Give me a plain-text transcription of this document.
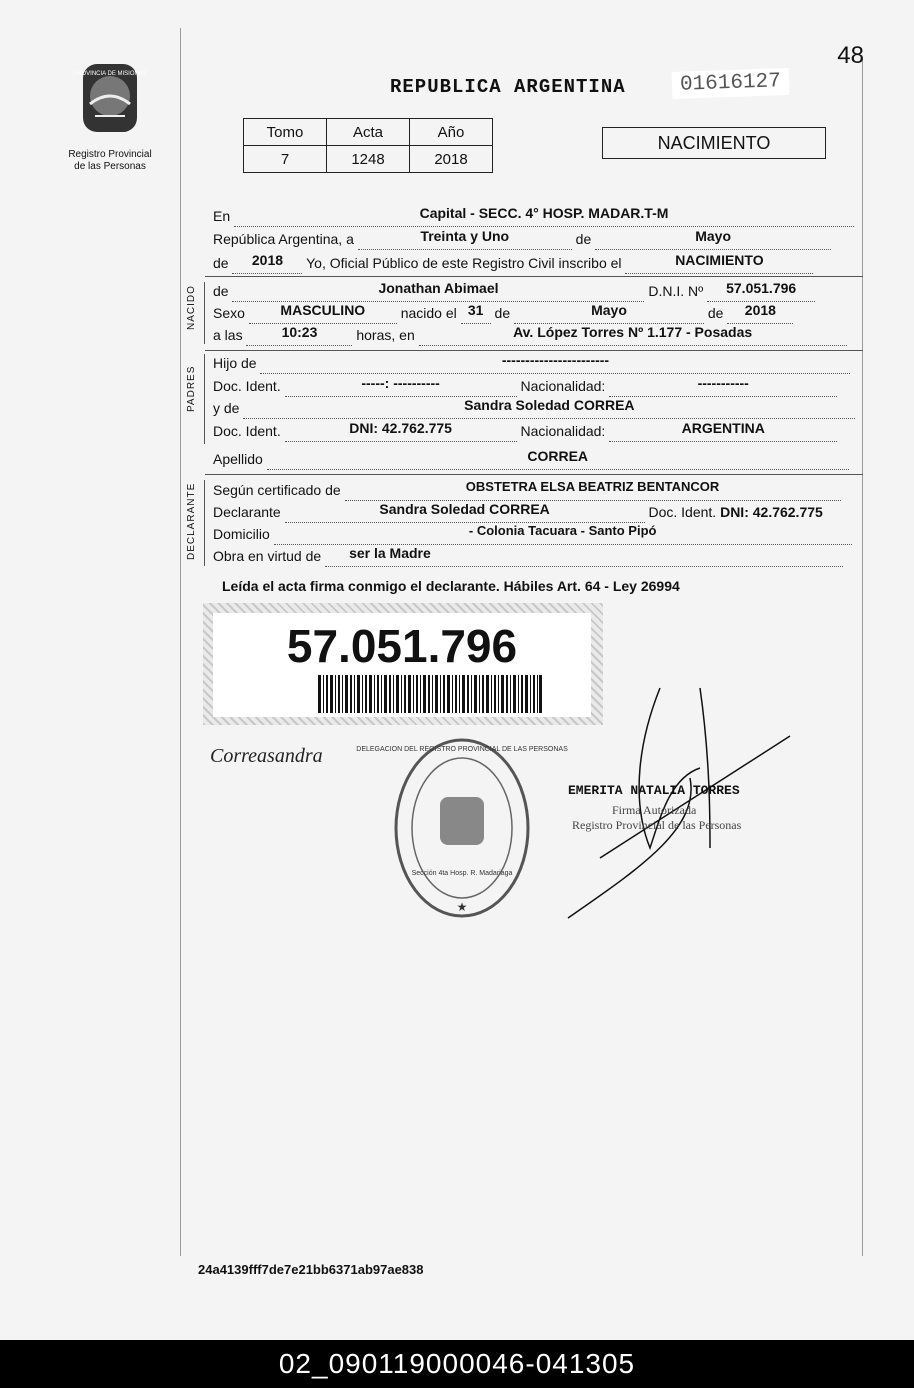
48
PROVINCIA DE MISIONES
Registro Provincial de las Personas
REPUBLICA ARGENTINA	01616127
Tomo	Acta	Año
7	1248	2018
NACIMIENTO
En	Capital - SECC. 4° HOSP. MADAR.T-M
República Argentina, a	Treinta y Uno	de	Mayo
de	2018	Yo, Oficial Público de este Registro Civil inscribo el	NACIMIENTO
NACIDO de	Jonathan Abimael	D.N.I. Nº	57.051.796
Sexo	MASCULINO	nacido el 31 de	Mayo	de	2018
a las	10:23	horas, en	Av. López Torres Nº 1.177 - Posadas
PADRES
Hijo de	-----------------------
Doc. Ident.	-----: ----------	Nacionalidad:	-----------
y de	Sandra Soledad CORREA
Doc. Ident.	DNI: 42.762.775	Nacionalidad:	ARGENTINA
Apellido	CORREA
DECLARANTE Según certificado de	OBSTETRA ELSA BEATRIZ BENTANCOR
Declarante	Sandra Soledad CORREA	Doc. Ident. DNI: 42.762.775
Domicilio	- Colonia Tacuara - Santo Pipó
Obra en virtud de	ser la Madre
Leída el acta firma conmigo el declarante. Hábiles Art. 64 - Ley 26994
57.051.796
Correasandra	DELEGACION DEL REGISTRO PROVINCIAL DE LAS PERSONAS
Sección 4ta Hosp. R. Madariaga
★
EMERITA NATALIA TORRES
Firma Autorizada
Registro Provincial de las Personas
24a4139fff7de7e21bb6371ab97ae838
02_090119000046-041305
